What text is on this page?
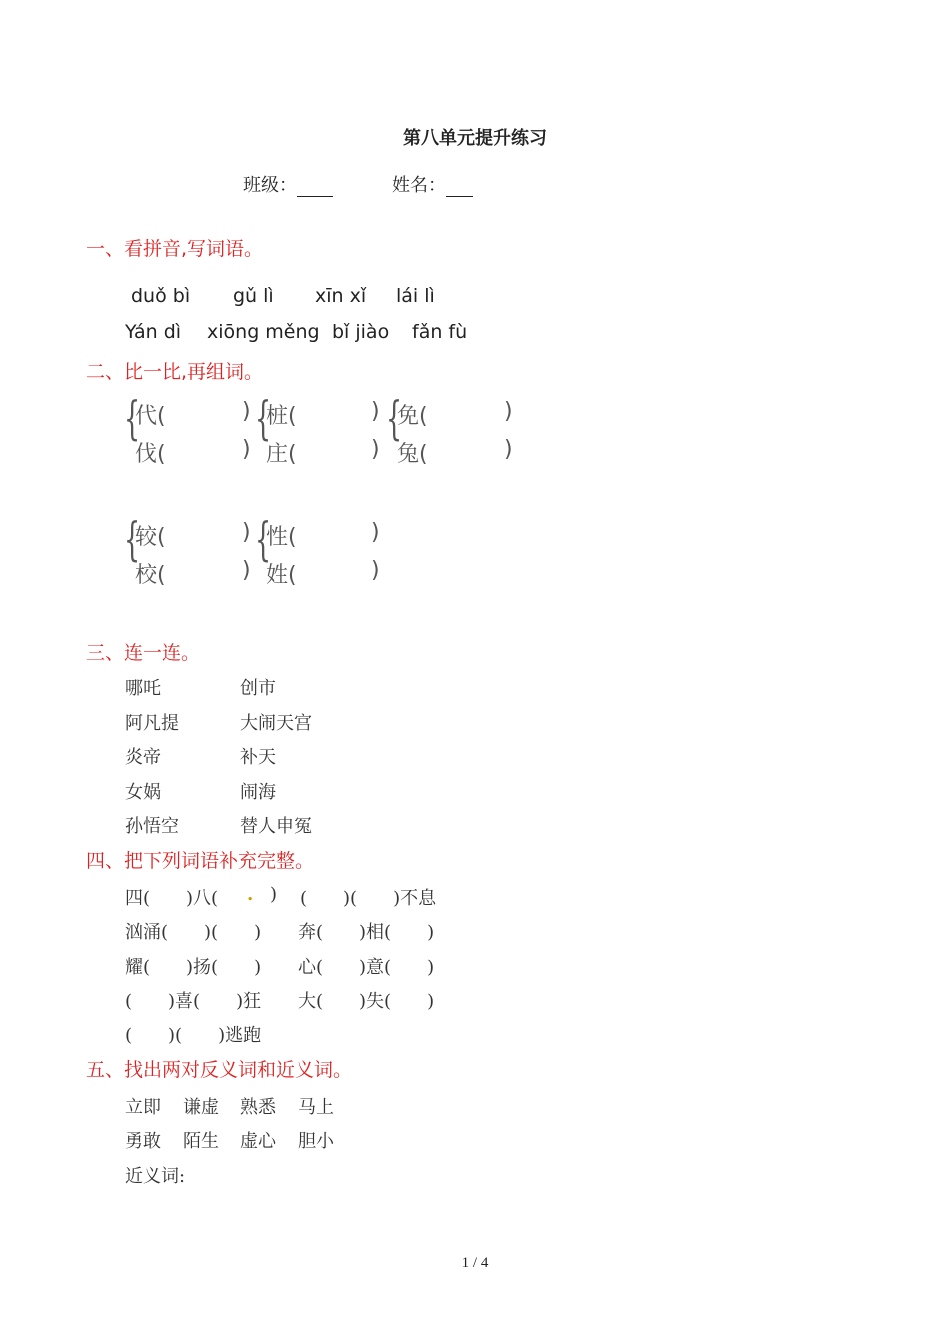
第八单元提升练习
班级：	姓名：
一、看拼音,写词语。
duǒ bì gǔ lì xīn xǐ lái lì
Yán dì xiōng měng bǐ jiào fǎn fù
二、比一比,再组词。
{
代(
伐(
)
)
{
桩(
庄(
)
)
{
免(
兔(
)
)
{
较(
校(
)
)
{
性(
姓(
)
)
三、连一连。
哪吒
阿凡提
炎帝
女娲
孙悟空
创市
大闹天宫
补天
闹海
替人申冤
四、把下列词语补充完整。
四(　　)八( . ) (　　)(　　)不息
汹涌(　　)(　　) 奔(　　)相(　　)
耀(　　)扬(　　) 心(　　)意(　　)
(　　)喜(　　)狂 大(　　)失(　　)
(　　)(　　)逃跑
五、找出两对反义词和近义词。
立即 谦虚 熟悉 马上
勇敢 陌生 虚心 胆小
近义词:
1 / 4
